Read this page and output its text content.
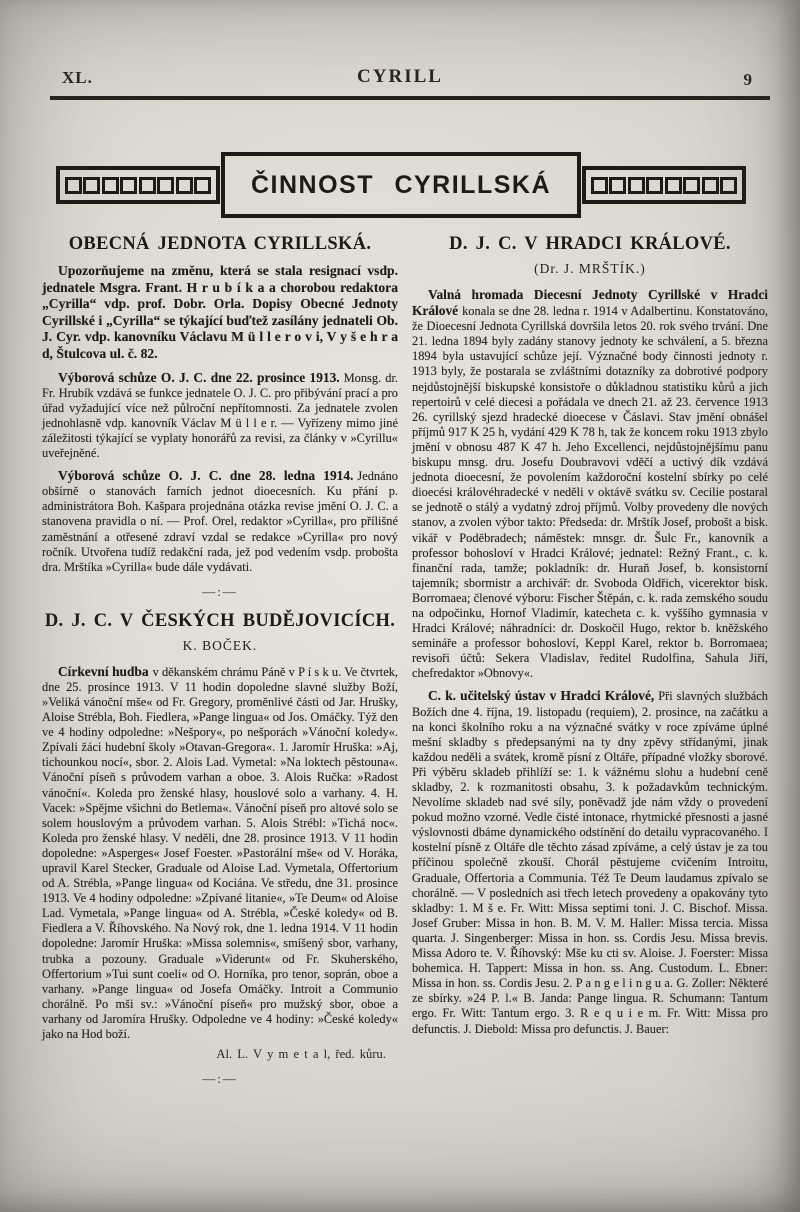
XL.	CYRILL	9
ČINNOST CYRILLSKÁ
OBECNÁ JEDNOTA CYRILLSKÁ.

Upozorňujeme na změnu, která se stala resignací vsdp. jednatele Msgra. Frant. H r u b í k a a chorobou redaktora „Cyrilla“ vdp. prof. Dobr. Orla. Dopisy Obecné Jednoty Cyrillské i „Cyrilla“ se týkající buďtež zasílány jednateli Ob. J. Cyr. vdp. kanovníku Václavu M ü l l e r o v i, V y š e h r a d, Štulcova ul. č. 82.

Výborová schůze O. J. C. dne 22. prosince 1913. Monsg. dr. Fr. Hrubík vzdává se funkce jednatele O. J. C. pro přibývání prací a pro úřad vyžadující více než půlroční nepřítomnosti. Za jednatele zvolen jednohlasně vdp. kanovník Václav M ü l l e r. — Vyřízeny mimo jiné záležitosti týkající se vyplaty honorářů za revisi, za články v »Cyrillu« uveřejněné.

Výborová schůze O. J. C. dne 28. ledna 1914. Jednáno obšírně o stanovách farních jednot dioecesních. Ku přání p. administrátora Boh. Kašpara projednána otázka revise jmění O. J. C. a stanovena pravidla o ní. — Prof. Orel, redaktor »Cyrilla«, pro přílišné zaměstnání a otřesené zdraví vzdal se redakce »Cyrilla« pro nový ročník. Utvořena tudíž redakční rada, jež pod vedením vsdp. probošta dra. Mrštíka »Cyrilla« bude dále vydávati.

—:—
D. J. C. V ČESKÝCH BUDĚJOVICÍCH.
K. BOČEK.

Církevní hudba v děkanském chrámu Páně v P í s k u. Ve čtvrtek, dne 25. prosince 1913. V 11 hodin dopoledne slavné služby Boží, »Veliká vánoční mše« od Fr. Gregory, proměnlivé části od Jar. Hrušky, Aloise Strébla, Boh. Fiedlera, »Pange lingua« od Jos. Omáčky. Týž den ve 4 hodiny odpoledne: »Nešpory«, po nešporách »Vánoční koledy«. Zpívali žáci hudební školy »Otavan-Gregora«. 1. Jaromír Hruška: »Aj, tichounkou nocí«, sbor. 2. Alois Lad. Vymetal: »Na loktech pěstouna«. Vánoční píseň s průvodem varhan a oboe. 3. Alois Ručka: »Radost vánoční«. Koleda pro ženské hlasy, houslové solo a varhany. 4. H. Vacek: »Spějme všichni do Betlema«. Vánoční píseň pro altové solo se solem houslovým a průvodem varhan. 5. Alois Strébl: »Tichá noc«. Koleda pro ženské hlasy. V neděli, dne 28. prosince 1913. V 11 hodin dopoledne: »Asperges« Josef Foester. »Pastorální mše« od V. Horáka, upravil Karel Stecker, Graduale od Aloise Lad. Vymetala, Offertorium od A. Strébla, »Pange lingua« od Kociána. Ve středu, dne 31. prosince 1913. Ve 4 hodiny odpoledne: »Zpívané litanie«, »Te Deum« od Aloise Lad. Vymetala, »Pange lingua« od A. Strébla, »České koledy« od B. Fiedlera a V. Říhovského. Na Nový rok, dne 1. ledna 1914. V 11 hodin dopoledne: Jaromír Hruška: »Missa solemnis«, smíšený sbor, varhany, trubka a pozouny. Graduale »Viderunt« od Fr. Skuherského, Offertorium »Tui sunt coeli« od O. Horníka, pro tenor, soprán, oboe a varhany. »Pange lingua« od Josefa Omáčky. Introit a Communio chorálně. Po mši sv.: »Vánoční píseň« pro mužský sbor, oboe a varhany od Jaromíra Hrušky. Odpoledne ve 4 hodiny: »České koledy« jako na Hod boží.

Al. L. V y m e t a l, řed. kůru.
—:—
D. J. C. V HRADCI KRÁLOVÉ.
(Dr. J. MRŠTÍK.)

Valná hromada Diecesní Jednoty Cyrillské v Hradci Králové konala se dne 28. ledna r. 1914 v Adalbertinu. Konstatováno, že Dioecesní Jednota Cyrillská dovršila letos 20. rok svého trvání. Dne 21. ledna 1894 byly zadány stanovy jednoty ke schválení, a 5. března 1894 byla ustavující schůze její. Význačné body činnosti jednoty r. 1913 byly, že postarala se zvláštními dotazníky za dobrotivé podpory nejdůstojnější biskupské konsistoře o důkladnou statistiku kůrů a jich repertoirů v celé diecesi a pořádala ve dnech 21. až 23. července 1913 26. cyrillský sjezd hradecké dioecese v Čáslavi. Stav jmění obnášel příjmů 917 K 25 h, vydání 429 K 78 h, tak že koncem roku 1913 zbylo jmění v obnosu 487 K 47 h. Jeho Excellenci, nejdůstojnějšímu panu biskupu mnsg. dru. Josefu Doubravovi vděčí a uctivý dík vzdává jednota dioecesní, že povolením každoroční kostelní sbírky po celé dioecési královéhradecké v neděli v oktávě svátku sv. Cecilie postaral se jednotě o stálý a vydatný zdroj příjmů. Volby provedeny dle nových stanov, a zvolen výbor takto: Předseda: dr. Mrštík Josef, probošt a bisk. vikář v Poděbradech; náměstek: mnsgr. dr. Šulc Fr., kanovník a professor bohosloví v Hradci Králové; jednatel: Režný Frant., c. k. finanční rada, tamže; pokladník: dr. Huraň Josef, b. konsistorní tajemník; sbormistr a archivář: dr. Svoboda Oldřich, vicerektor bisk. Borromaea; členové výboru: Fischer Štěpán, c. k. rada zemského soudu na odpočinku, Hornof Vladimír, katecheta c. k. vyššího gymnasia v Hradci Králové; náhradníci: dr. Doskočil Hugo, rektor b. kněžského semináře a professor bohosloví, Keppl Karel, rektor b. Borromaea; revisoři účtů: Sekera Vladislav, ředitel Rudolfina, Sahula Jiří, chefredaktor »Obnovy«.

C. k. učitelský ústav v Hradci Králové, Při slavných službách Božích dne 4. října, 19. listopadu (requiem), 2. prosince, na začátku a na konci školního roku a na význačné svátky v roce zpíváme úplné mešní skladby s předepsanými na ty dny zpěvy střídanými, jinak každou neděli a svátek, kromě písní z Oltáře, případné vložky sborové. Při výběru skladeb přihlíží se: 1. k vážnému slohu a hudební ceně skladby, 2. k rozmanitosti obsahu, 3. k požadavkům technickým. Nevolíme skladeb nad své síly, poněvadž jde nám vždy o provedení pokud možno vzorné. Vedle čisté intonace, rhytmické přesnosti a jasné výslovnosti dbáme dynamického odstínění do detailu vypracovaného. I kostelní písně z Oltáře dle těchto zásad zpíváme, a celý ústav je za tou příčinou společně zkouší. Chorál pěstujeme cvičením Introitu, Graduale, Offertoria a Communia. Též Te Deum laudamus zpívalo se chorálně. — V posledních asi třech letech provedeny a opakovány tyto skladby: 1. M š e. Fr. Witt: Missa septimi toni. J. C. Bischof. Missa. Josef Gruber: Missa in hon. B. M. V. M. Haller: Missa tercia. Missa quarta. J. Singenberger: Missa in hon. ss. Cordis Jesu. Missa brevis. Missa Adoro te. V. Říhovský: Mše ku cti sv. Aloise. J. Foerster: Missa bohemica. H. Tappert: Missa in hon. ss. Ang. Custodum. L. Ebner: Missa in hon. ss. Cordis Jesu. 2. P a n g e l i n g u a. G. Zoller: Některé ze sbírky. »24 P. l.« B. Janda: Pange lingua. R. Schumann: Tantum ergo. Fr. Witt: Tantum ergo. 3. R e q u i e m. Fr. Witt: Missa pro defunctis. J. Diebold: Missa pro defunctis. J. Bauer:
